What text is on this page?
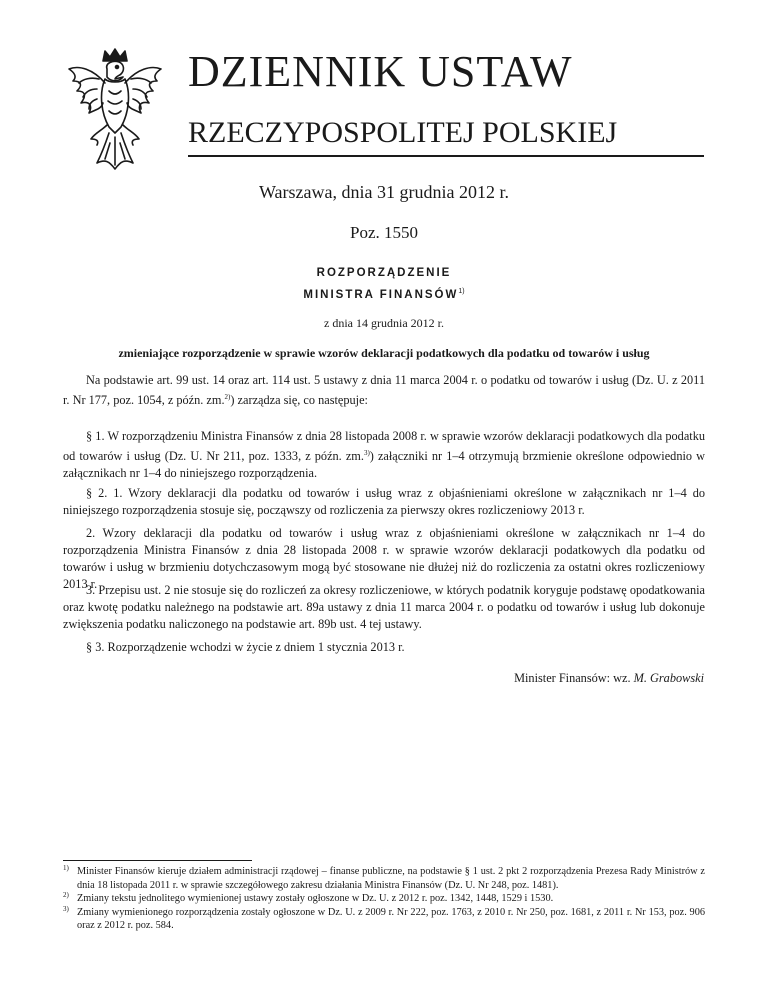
DZIENNIK USTAW
RZECZYPOSPOLITEJ POLSKIEJ
Warszawa, dnia 31 grudnia 2012 r.
Poz. 1550
ROZPORZĄDZENIE
MINISTRA FINANSÓW$^{1)}$
z dnia 14 grudnia 2012 r.
zmieniające rozporządzenie w sprawie wzorów deklaracji podatkowych dla podatku od towarów i usług

Na podstawie art. 99 ust. 14 oraz art. 114 ust. 5 ustawy z dnia 11 marca 2004 r. o podatku od towarów i usług (Dz. U. z 2011 r. Nr 177, poz. 1054, z późn. zm.$^{2)}$) zarządza się, co następuje:

§ 1. W rozporządzeniu Ministra Finansów z dnia 28 listopada 2008 r. w sprawie wzorów deklaracji podatkowych dla podatku od towarów i usług (Dz. U. Nr 211, poz. 1333, z późn. zm.$^{3)}$) załączniki nr 1–4 otrzymują brzmienie określone odpowiednio w załącznikach nr 1–4 do niniejszego rozporządzenia.

§ 2. 1. Wzory deklaracji dla podatku od towarów i usług wraz z objaśnieniami określone w załącznikach nr 1–4 do niniejszego rozporządzenia stosuje się, począwszy od rozliczenia za pierwszy okres rozliczeniowy 2013 r.

2. Wzory deklaracji dla podatku od towarów i usług wraz z objaśnieniami określone w załącznikach nr 1–4 do rozporządzenia Ministra Finansów z dnia 28 listopada 2008 r. w sprawie wzorów deklaracji podatkowych dla podatku od towarów i usług w brzmieniu dotychczasowym mogą być stosowane nie dłużej niż do rozliczenia za ostatni okres rozliczeniowy 2013 r.

3. Przepisu ust. 2 nie stosuje się do rozliczeń za okresy rozliczeniowe, w których podatnik koryguje podstawę opodatkowania oraz kwotę podatku należnego na podstawie art. 89a ustawy z dnia 11 marca 2004 r. o podatku od towarów i usług lub dokonuje zwiększenia podatku naliczonego na podstawie art. 89b ust. 4 tej ustawy.

§ 3. Rozporządzenie wchodzi w życie z dniem 1 stycznia 2013 r.

Minister Finansów: wz. M. Grabowski
1) Minister Finansów kieruje działem administracji rządowej – finanse publiczne, na podstawie § 1 ust. 2 pkt 2 rozporządzenia Prezesa Rady Ministrów z dnia 18 listopada 2011 r. w sprawie szczegółowego zakresu działania Ministra Finansów (Dz. U. Nr 248, poz. 1481).
2) Zmiany tekstu jednolitego wymienionej ustawy zostały ogłoszone w Dz. U. z 2012 r. poz. 1342, 1448, 1529 i 1530.
3) Zmiany wymienionego rozporządzenia zostały ogłoszone w Dz. U. z 2009 r. Nr 222, poz. 1763, z 2010 r. Nr 250, poz. 1681, z 2011 r. Nr 153, poz. 906 oraz z 2012 r. poz. 584.
